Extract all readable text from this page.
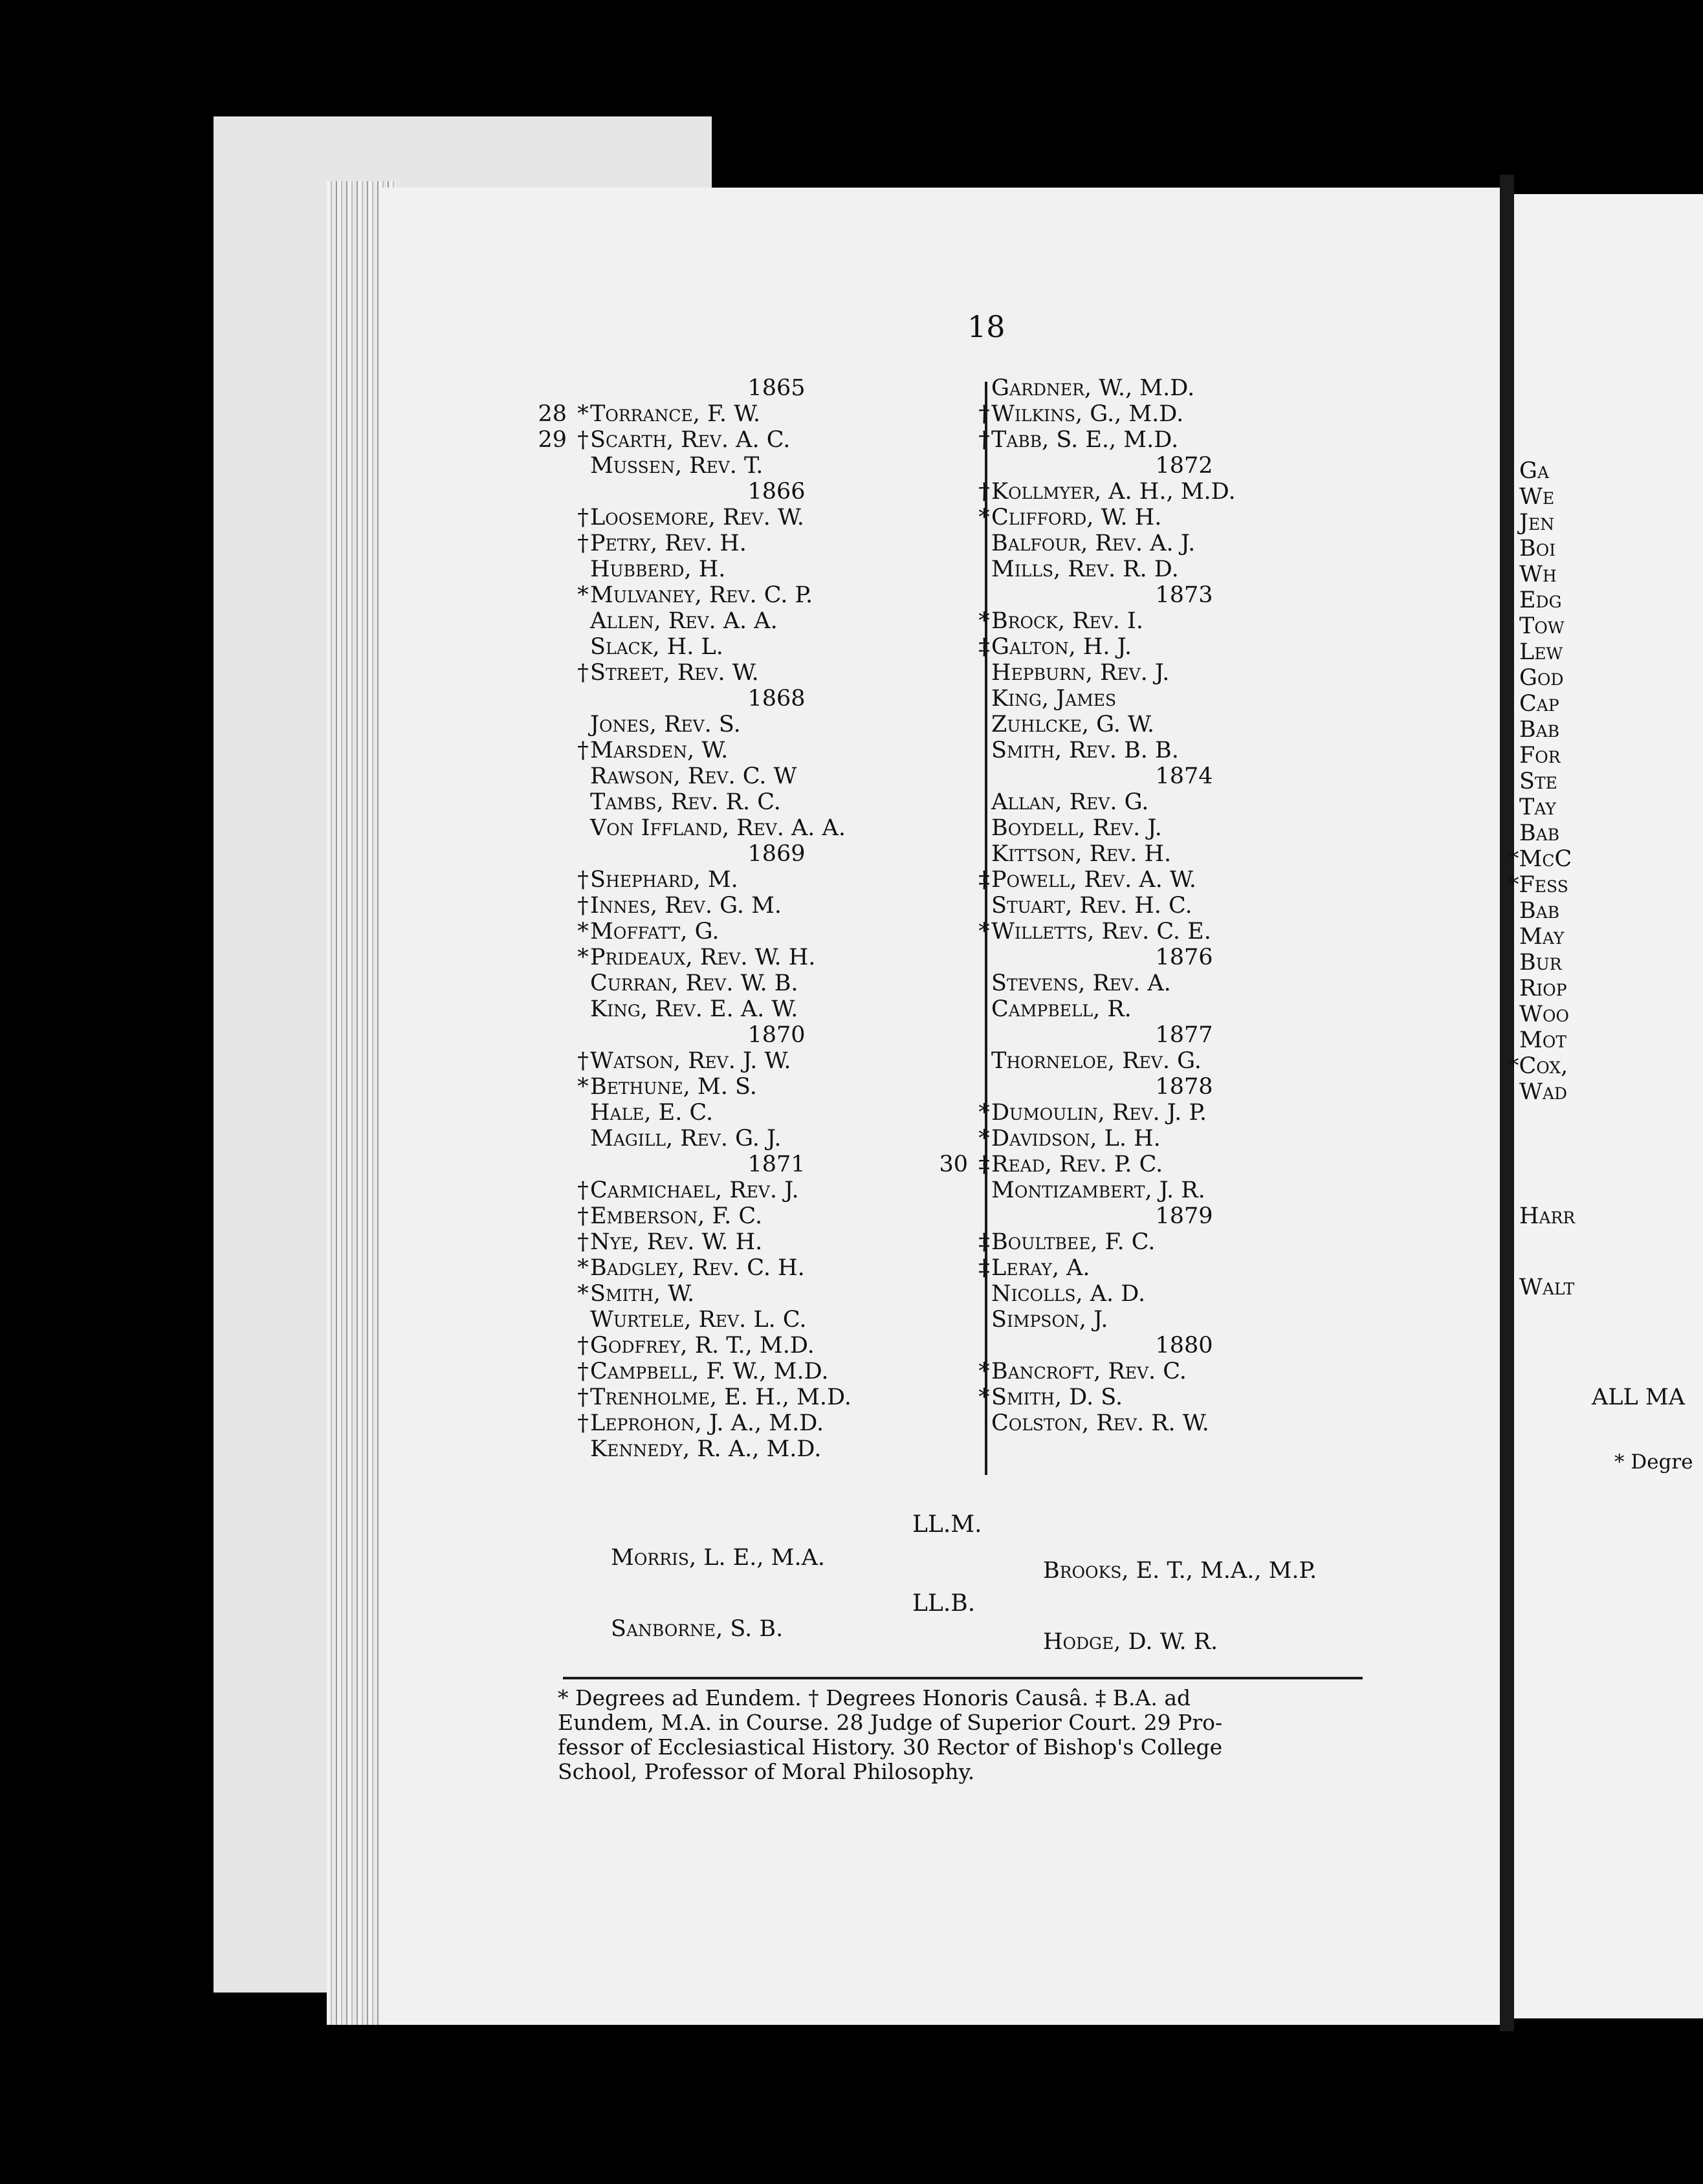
18
1865
28 *Torrance, F. W.
29 †Scarth, Rev. A. C.
Mussen, Rev. T.
1866
†Loosemore, Rev. W.
†Petry, Rev. H.
Hubberd, H.
*Mulvaney, Rev. C. P.
Allen, Rev. A. A.
Slack, H. L.
†Street, Rev. W.
1868
Jones, Rev. S.
†Marsden, W.
Rawson, Rev. C. W
Tambs, Rev. R. C.
Von Iffland, Rev. A. A.
1869
†Shephard, M.
†Innes, Rev. G. M.
*Moffatt, G.
*Prideaux, Rev. W. H.
Curran, Rev. W. B.
King, Rev. E. A. W.
1870
†Watson, Rev. J. W.
*Bethune, M. S.
Hale, E. C.
Magill, Rev. G. J.
1871
†Carmichael, Rev. J.
†Emberson, F. C.
†Nye, Rev. W. H.
*Badgley, Rev. C. H.
*Smith, W.
Wurtele, Rev. L. C.
†Godfrey, R. T., M.D.
†Campbell, F. W., M.D.
†Trenholme, E. H., M.D.
†Leprohon, J. A., M.D.
Kennedy, R. A., M.D.
Gardner, W., M.D.
†Wilkins, G., M.D.
†Tabb, S. E., M.D.
1872
†Kollmyer, A. H., M.D.
*Clifford, W. H.
Balfour, Rev. A. J.
Mills, Rev. R. D.
1873
*Brock, Rev. I.
‡Galton, H. J.
Hepburn, Rev. J.
King, James
Zuhlcke, G. W.
Smith, Rev. B. B.
1874
Allan, Rev. G.
Boydell, Rev. J.
Kittson, Rev. H.
‡Powell, Rev. A. W.
Stuart, Rev. H. C.
*Willetts, Rev. C. E.
1876
Stevens, Rev. A.
Campbell, R.
1877
Thorneloe, Rev. G.
1878
*Dumoulin, Rev. J. P.
*Davidson, L. H.
30 ‡Read, Rev. P. C.
Montizambert, J. R.
1879
‡Boultbee, F. C.
‡Leray, A.
Nicolls, A. D.
Simpson, J.
1880
*Bancroft, Rev. C.
*Smith, D. S.
Colston, Rev. R. W.
LL.M.
Morris, L. E., M.A.	Brooks, E. T., M.A., M.P.
LL.B.
Sanborne, S. B.	Hodge, D. W. R.
* Degrees ad Eundem. † Degrees Honoris Causâ. ‡ B.A. ad
Eundem, M.A. in Course. 28 Judge of Superior Court. 29 Pro-
fessor of Ecclesiastical History. 30 Rector of Bishop's College
School, Professor of Moral Philosophy.
Ga
We
Jen
Boi
Wh
Edg
Tow
Lew
God
Cap
Bab
For
Ste
Tay
Bab
*McC
*Fess
Bab
May
Bur
Riop
Woo
Mot
*Cox,
Wad
Harr
Walt
ALL MA
* Degre
